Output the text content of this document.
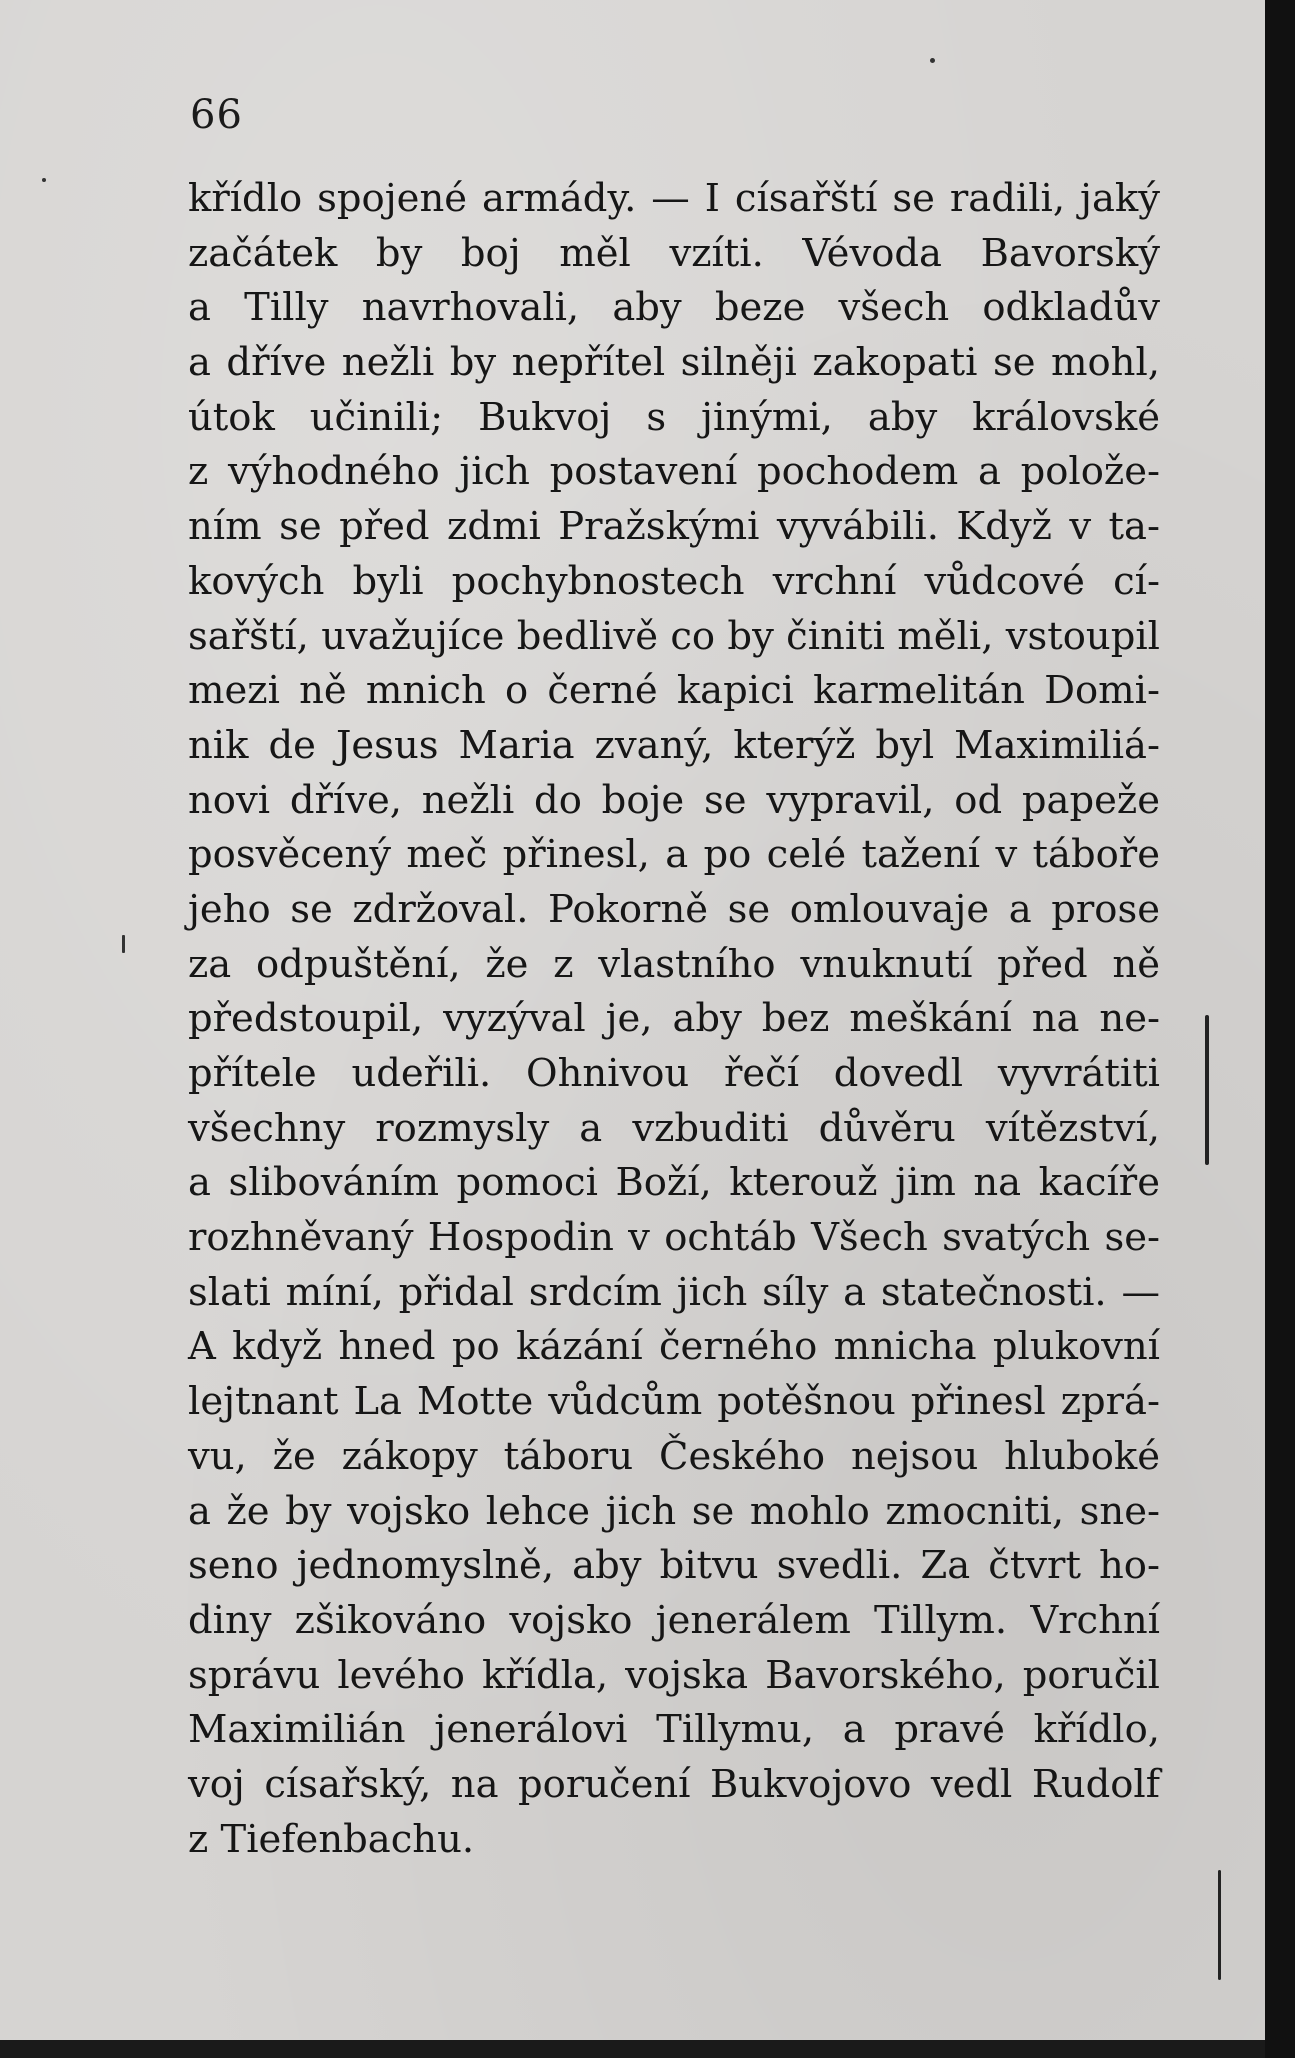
66
křídlo spojené armády. — I císařští se radili, jaký
začátek by boj měl vzíti. Vévoda Bavorský
a Tilly navrhovali, aby beze všech odkladův
a dříve nežli by nepřítel silněji zakopati se mohl,
útok učinili; Bukvoj s jinými, aby královské
z výhodného jich postavení pochodem a polože-
ním se před zdmi Pražskými vyvábili. Když v ta-
kových byli pochybnostech vrchní vůdcové cí-
sařští, uvažujíce bedlivě co by činiti měli, vstoupil
mezi ně mnich o černé kapici karmelitán Domi-
nik de Jesus Maria zvaný, kterýž byl Maximiliá-
novi dříve, nežli do boje se vypravil, od papeže
posvěcený meč přinesl, a po celé tažení v táboře
jeho se zdržoval. Pokorně se omlouvaje a prose
za odpuštění, že z vlastního vnuknutí před ně
předstoupil, vyzýval je, aby bez meškání na ne-
přítele udeřili. Ohnivou řečí dovedl vyvrátiti
všechny rozmysly a vzbuditi důvěru vítězství,
a slibováním pomoci Boží, kterouž jim na kacíře
rozhněvaný Hospodin v ochtáb Všech svatých se-
slati míní, přidal srdcím jich síly a statečnosti. —
A když hned po kázání černého mnicha plukovní
lejtnant La Motte vůdcům potěšnou přinesl zprá-
vu, že zákopy táboru Českého nejsou hluboké
a že by vojsko lehce jich se mohlo zmocniti, sne-
seno jednomyslně, aby bitvu svedli. Za čtvrt ho-
diny zšikováno vojsko jenerálem Tillym. Vrchní
správu levého křídla, vojska Bavorského, poručil
Maximilián jenerálovi Tillymu, a pravé křídlo,
voj císařský, na poručení Bukvojovo vedl Rudolf
z Tiefenbachu.
